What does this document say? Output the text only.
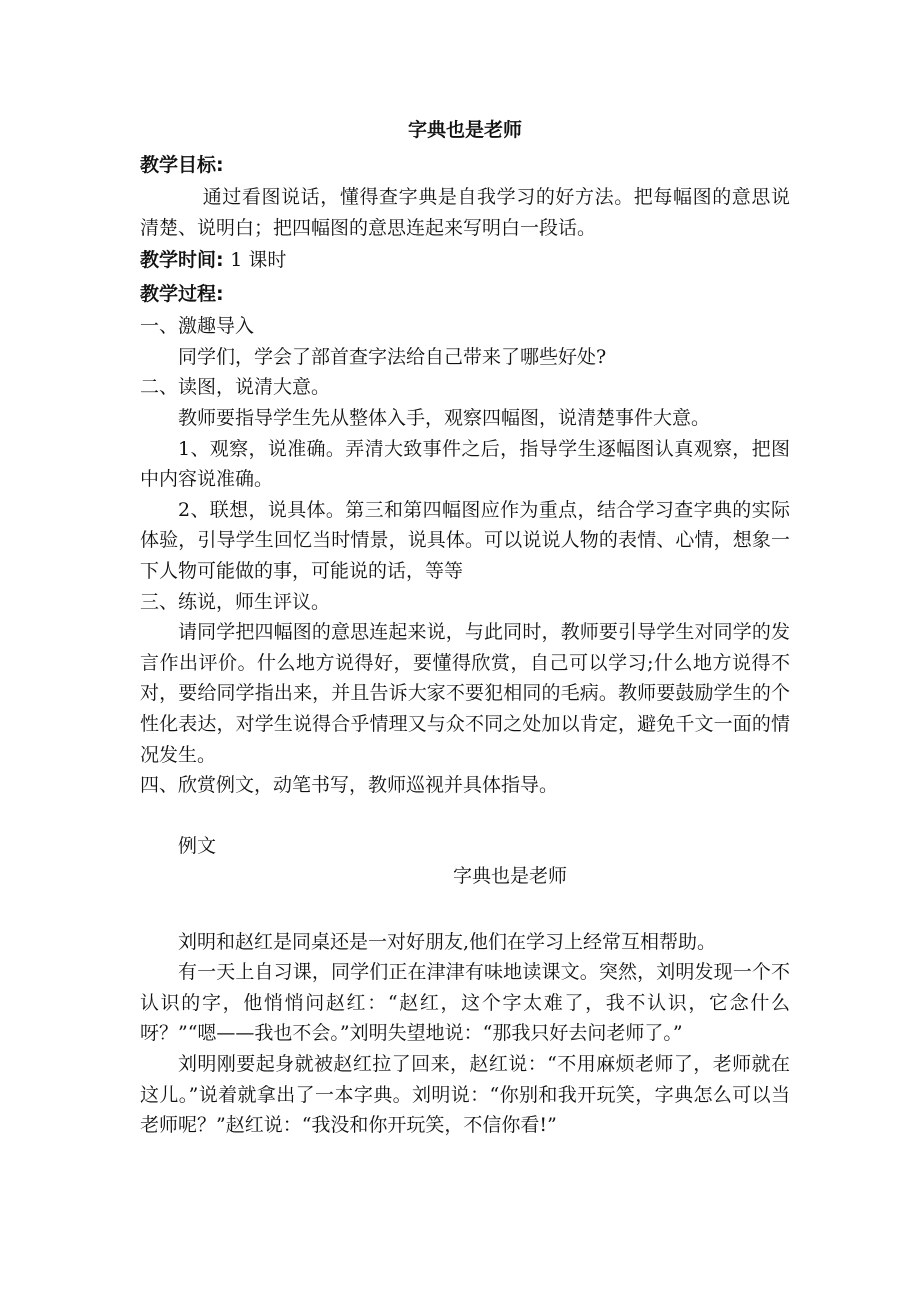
字典也是老师
教学目标:

通过看图说话，懂得查字典是自我学习的好方法。把每幅图的意思说清楚、说明白；把四幅图的意思连起来写明白一段话。

教学时间: 1 课时
教学过程:

一、激趣导入

同学们，学会了部首查字法给自己带来了哪些好处?

二、读图，说清大意。

教师要指导学生先从整体入手，观察四幅图，说清楚事件大意。

1、观察，说准确。弄清大致事件之后，指导学生逐幅图认真观察，把图中内容说准确。

2、联想，说具体。第三和第四幅图应作为重点，结合学习查字典的实际体验，引导学生回忆当时情景，说具体。可以说说人物的表情、心情，想象一下人物可能做的事，可能说的话，等等

三、练说，师生评议。

请同学把四幅图的意思连起来说，与此同时，教师要引导学生对同学的发言作出评价。什么地方说得好，要懂得欣赏，自己可以学习;什么地方说得不对，要给同学指出来，并且告诉大家不要犯相同的毛病。教师要鼓励学生的个性化表达，对学生说得合乎情理又与众不同之处加以肯定，避免千文一面的情况发生。

四、欣赏例文，动笔书写，教师巡视并具体指导。

例文
字典也是老师

刘明和赵红是同桌还是一对好朋友,他们在学习上经常互相帮助。

有一天上自习课，同学们正在津津有味地读课文。突然，刘明发现一个不认识的字，他悄悄问赵红：“赵红，这个字太难了，我不认识，它念什么呀？”“嗯——我也不会。”刘明失望地说：“那我只好去问老师了。”

刘明刚要起身就被赵红拉了回来，赵红说：“不用麻烦老师了，老师就在这儿。”说着就拿出了一本字典。刘明说：“你别和我开玩笑，字典怎么可以当老师呢？”赵红说：“我没和你开玩笑，不信你看!”
